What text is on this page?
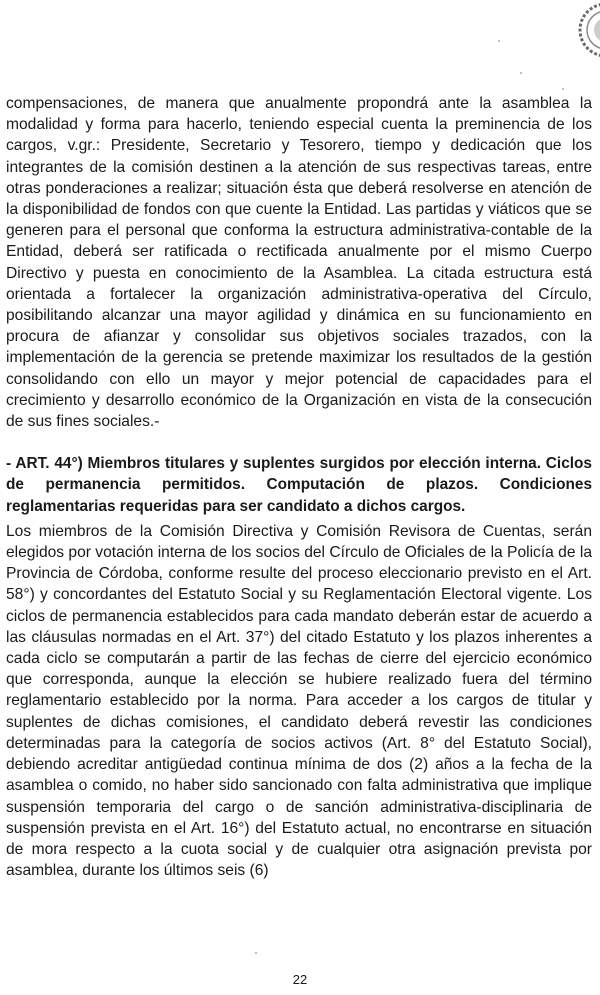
compensaciones, de manera que anualmente propondrá ante la asamblea la modalidad y forma para hacerlo, teniendo especial cuenta la preminencia de los cargos, v.gr.: Presidente, Secretario y Tesorero, tiempo y dedicación que los integrantes de la comisión destinen a la atención de sus respectivas tareas, entre otras ponderaciones a realizar; situación ésta que deberá resolverse en atención de la disponibilidad de fondos con que cuente la Entidad. Las partidas y viáticos que se generen para el personal que conforma la estructura administrativa-contable de la Entidad, deberá ser ratificada o rectificada anualmente por el mismo Cuerpo Directivo y puesta en conocimiento de la Asamblea. La citada estructura está orientada a fortalecer la organización administrativa-operativa del Círculo, posibilitando alcanzar una mayor agilidad y dinámica en su funcionamiento en procura de afianzar y consolidar sus objetivos sociales trazados, con la implementación de la gerencia se pretende maximizar los resultados de la gestión consolidando con ello un mayor y mejor potencial de capacidades para el crecimiento y desarrollo económico de la Organización en vista de la consecución de sus fines sociales.-

- ART. 44°) Miembros titulares y suplentes surgidos por elección interna. Ciclos de permanencia permitidos. Computación de plazos. Condiciones reglamentarias requeridas para ser candidato a dichos cargos.

Los miembros de la Comisión Directiva y Comisión Revisora de Cuentas, serán elegidos por votación interna de los socios del Círculo de Oficiales de la Policía de la Provincia de Córdoba, conforme resulte del proceso eleccionario previsto en el Art. 58°) y concordantes del Estatuto Social y su Reglamentación Electoral vigente. Los ciclos de permanencia establecidos para cada mandato deberán estar de acuerdo a las cláusulas normadas en el Art. 37°) del citado Estatuto y los plazos inherentes a cada ciclo se computarán a partir de las fechas de cierre del ejercicio económico que corresponda, aunque la elección se hubiere realizado fuera del término reglamentario establecido por la norma. Para acceder a los cargos de titular y suplentes de dichas comisiones, el candidato deberá revestir las condiciones determinadas para la categoría de socios activos (Art. 8° del Estatuto Social), debiendo acreditar antigüedad continua mínima de dos (2) años a la fecha de la asamblea o comido, no haber sido sancionado con falta administrativa que implique suspensión temporaria del cargo o de sanción administrativa-disciplinaria de suspensión prevista en el Art. 16°) del Estatuto actual, no encontrarse en situación de mora respecto a la cuota social y de cualquier otra asignación prevista por asamblea, durante los últimos seis (6)

22
